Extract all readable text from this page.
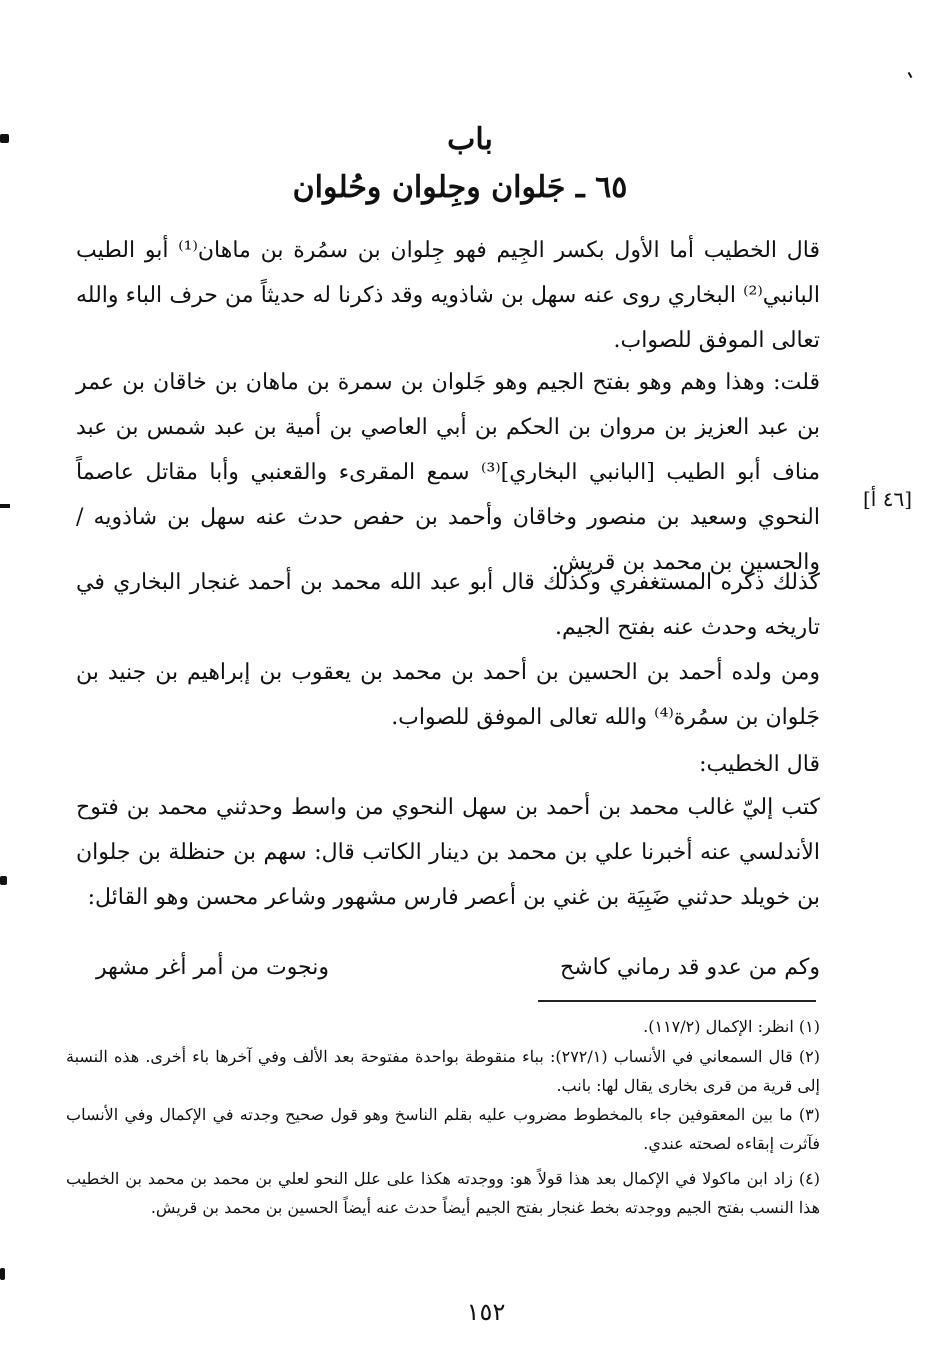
باب
٦٥ ـ جَلوان وجِلوان وحُلوان
قال الخطيب أما الأول بكسر الجِيم فهو جِلوان بن سمُرة بن ماهان⁽¹⁾ أبو الطيب البانبي⁽²⁾ البخاري روى عنه سهل بن شاذويه وقد ذكرنا له حديثاً من حرف الباء والله تعالى الموفق للصواب.
قلت: وهذا وهم وهو بفتح الجيم وهو جَلوان بن سمرة بن ماهان بن خاقان بن عمر بن عبد العزيز بن مروان بن الحكم بن أبي العاصي بن أمية بن عبد شمس بن عبد مناف أبو الطيب [البانبي البخاري]⁽³⁾ سمع المقرىء والقعنبي وأبا مقاتل عاصماً النحوي وسعيد بن منصور وخاقان وأحمد بن حفص حدث عنه سهل بن شاذويه / والحسين بن محمد بن قريش.
[٤٦ أ]
كذلك ذكره المستغفري وكذلك قال أبو عبد الله محمد بن أحمد غنجار البخاري في تاريخه وحدث عنه بفتح الجيم.
ومن ولده أحمد بن الحسين بن أحمد بن محمد بن يعقوب بن إبراهيم بن جنيد بن جَلوان بن سمُرة⁽⁴⁾ والله تعالى الموفق للصواب.
قال الخطيب:
كتب إليّ غالب محمد بن أحمد بن سهل النحوي من واسط وحدثني محمد بن فتوح الأندلسي عنه أخبرنا علي بن محمد بن دينار الكاتب قال: سهم بن حنظلة بن جلوان بن خويلد حدثني ضَبِيَة بن غني بن أعصر فارس مشهور وشاعر محسن وهو القائل:
وكم من عدو قد رماني كاشح
ونجوت من أمر أغر مشهر
(١) انظر: الإكمال (١١٧/٢).
(٢) قال السمعاني في الأنساب (٢٧٢/١): بباء منقوطة بواحدة مفتوحة بعد الألف وفي آخرها باء أخرى. هذه النسبة إلى قرية من قرى بخارى يقال لها: بانب.
(٣) ما بين المعقوفين جاء بالمخطوط مضروب عليه بقلم الناسخ وهو قول صحيح وجدته في الإكمال وفي الأنساب فآثرت إبقاءه لصحته عندي.
(٤) زاد ابن ماكولا في الإكمال بعد هذا قولاً هو: ووجدته هكذا على علل النحو لعلي بن محمد بن محمد بن الخطيب هذا النسب بفتح الجيم ووجدته بخط غنجار بفتح الجيم أيضاً حدث عنه أيضاً الحسين بن محمد بن قريش.
١٥٢
